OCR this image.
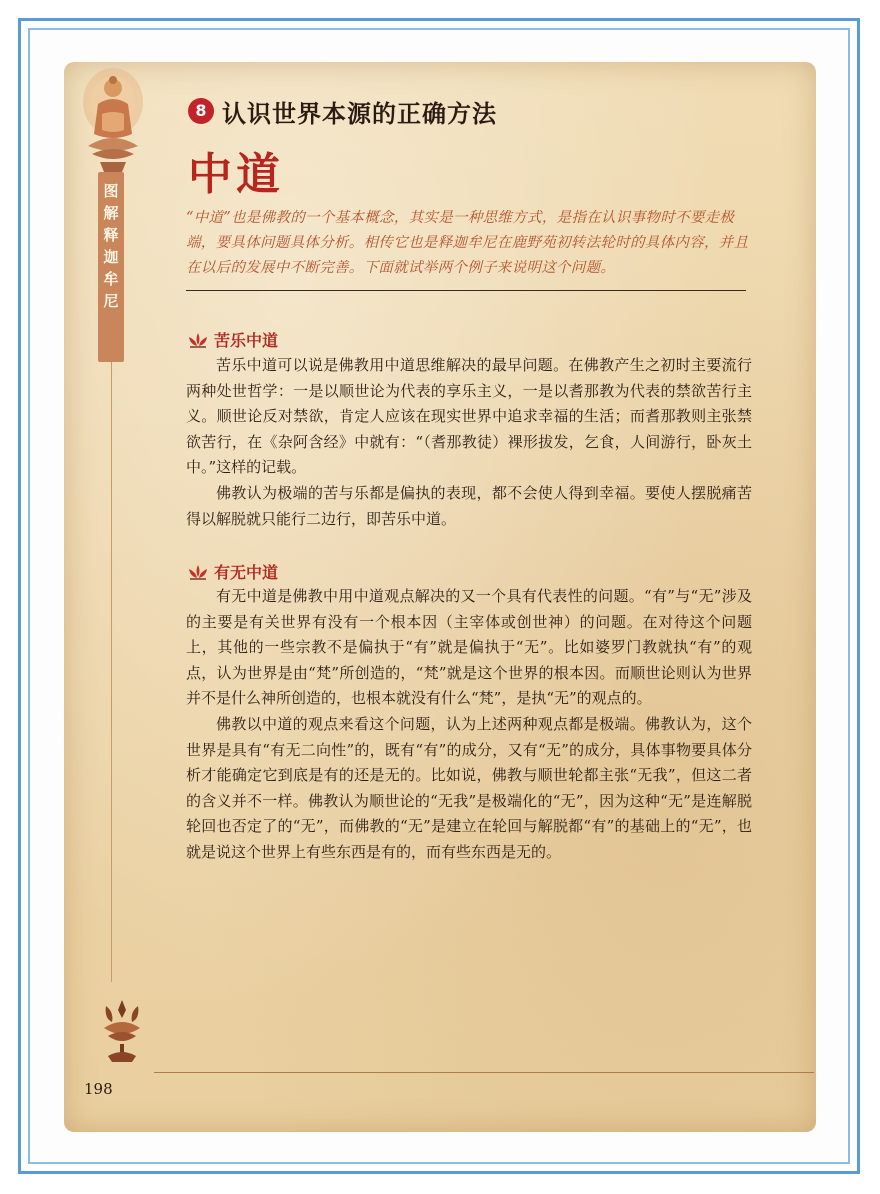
图解释迦牟尼
8 认识世界本源的正确方法
中道
“中道”也是佛教的一个基本概念，其实是一种思维方式，是指在认识事物时不要走极端，要具体问题具体分析。相传它也是释迦牟尼在鹿野苑初转法轮时的具体内容，并且在以后的发展中不断完善。下面就试举两个例子来说明这个问题。
苦乐中道

苦乐中道可以说是佛教用中道思维解决的最早问题。在佛教产生之初时主要流行两种处世哲学：一是以顺世论为代表的享乐主义，一是以耆那教为代表的禁欲苦行主义。顺世论反对禁欲，肯定人应该在现实世界中追求幸福的生活；而耆那教则主张禁欲苦行，在《杂阿含经》中就有：“（耆那教徒）裸形拔发，乞食，人间游行，卧灰土中。”这样的记载。

佛教认为极端的苦与乐都是偏执的表现，都不会使人得到幸福。要使人摆脱痛苦得以解脱就只能行二边行，即苦乐中道。

有无中道

有无中道是佛教中用中道观点解决的又一个具有代表性的问题。“有”与“无”涉及的主要是有关世界有没有一个根本因（主宰体或创世神）的问题。在对待这个问题上，其他的一些宗教不是偏执于“有”就是偏执于“无”。比如婆罗门教就执“有”的观点，认为世界是由“梵”所创造的，“梵”就是这个世界的根本因。而顺世论则认为世界并不是什么神所创造的，也根本就没有什么“梵”，是执“无”的观点的。

佛教以中道的观点来看这个问题，认为上述两种观点都是极端。佛教认为，这个世界是具有“有无二向性”的，既有“有”的成分，又有“无”的成分，具体事物要具体分析才能确定它到底是有的还是无的。比如说，佛教与顺世轮都主张“无我”，但这二者的含义并不一样。佛教认为顺世论的“无我”是极端化的“无”，因为这种“无”是连解脱轮回也否定了的“无”，而佛教的“无”是建立在轮回与解脱都“有”的基础上的“无”，也就是说这个世界上有些东西是有的，而有些东西是无的。

198
